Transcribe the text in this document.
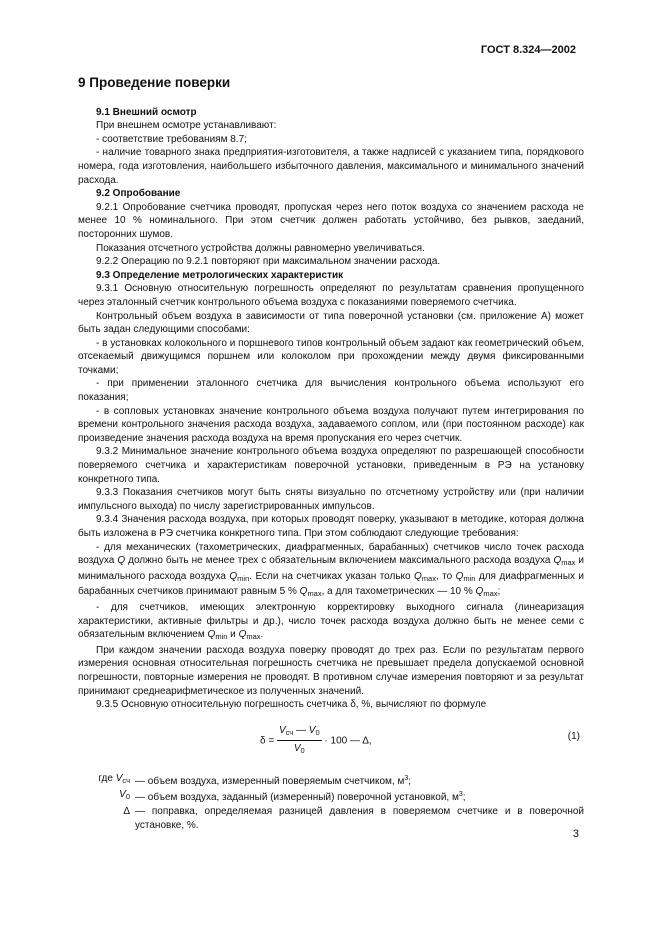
ГОСТ 8.324—2002
9 Проведение поверки

9.1 Внешний осмотр

При внешнем осмотре устанавливают:

- соответствие требованиям 8.7;

- наличие товарного знака предприятия-изготовителя, а также надписей с указанием типа, порядкового номера, года изготовления, наибольшего избыточного давления, максимального и минимального значений расхода.

9.2 Опробование

9.2.1 Опробование счетчика проводят, пропуская через него поток воздуха со значением расхода не менее 10 % номинального. При этом счетчик должен работать устойчиво, без рывков, заеданий, посторонних шумов.

Показания отсчетного устройства должны равномерно увеличиваться.

9.2.2 Операцию по 9.2.1 повторяют при максимальном значении расхода.

9.3 Определение метрологических характеристик

9.3.1 Основную относительную погрешность определяют по результатам сравнения пропущенного через эталонный счетчик контрольного объема воздуха с показаниями поверяемого счетчика.

Контрольный объем воздуха в зависимости от типа поверочной установки (см. приложение А) может быть задан следующими способами:

- в установках колокольного и поршневого типов контрольный объем задают как геометрический объем, отсекаемый движущимся поршнем или колоколом при прохождении между двумя фиксированными точками;

- при применении эталонного счетчика для вычисления контрольного объема используют его показания;

- в сопловых установках значение контрольного объема воздуха получают путем интегрирования по времени контрольного значения расхода воздуха, задаваемого соплом, или (при постоянном расходе) как произведение значения расхода воздуха на время пропускания его через счетчик.

9.3.2 Минимальное значение контрольного объема воздуха определяют по разрешающей способности поверяемого счетчика и характеристикам поверочной установки, приведенным в РЭ на установку конкретного типа.

9.3.3 Показания счетчиков могут быть сняты визуально по отсчетному устройству или (при наличии импульсного выхода) по числу зарегистрированных импульсов.

9.3.4 Значения расхода воздуха, при которых проводят поверку, указывают в методике, которая должна быть изложена в РЭ счетчика конкретного типа. При этом соблюдают следующие требования:

- для механических (тахометрических, диафрагменных, барабанных) счетчиков число точек расхода воздуха Q должно быть не менее трех с обязательным включением максимального расхода воздуха $Q_{max}$ и минимального расхода воздуха $Q_{min}$. Если на счетчиках указан только $Q_{max}$, то $Q_{min}$ для диафрагменных и барабанных счетчиков принимают равным 5 % $Q_{max}$, а для тахометрических — 10 % $Q_{max}$;

- для счетчиков, имеющих электронную корректировку выходного сигнала (линеаризация характеристики, активные фильтры и др.), число точек расхода воздуха должно быть не менее семи с обязательным включением $Q_{min}$ и $Q_{max}$.

При каждом значении расхода воздуха поверку проводят до трех раз. Если по результатам первого измерения основная относительная погрешность счетчика не превышает предела допускаемой основной погрешности, повторные измерения не проводят. В противном случае измерения повторяют и за результат принимают среднеарифметическое из полученных значений.

9.3.5 Основную относительную погрешность счетчика δ, %, вычисляют по формуле

$\delta = \frac{V_{сч} — V_0}{V_0} \cdot 100$ — Δ,	(1)
где $V_{сч}$ — объем воздуха, измеренный поверяемым счетчиком, $м^3$;
$V_0$ — объем воздуха, заданный (измеренный) поверочной установкой, $м^3$;
Δ — поправка, определяемая разницей давления в поверяемом счетчике и в поверочной установке, %.
3
